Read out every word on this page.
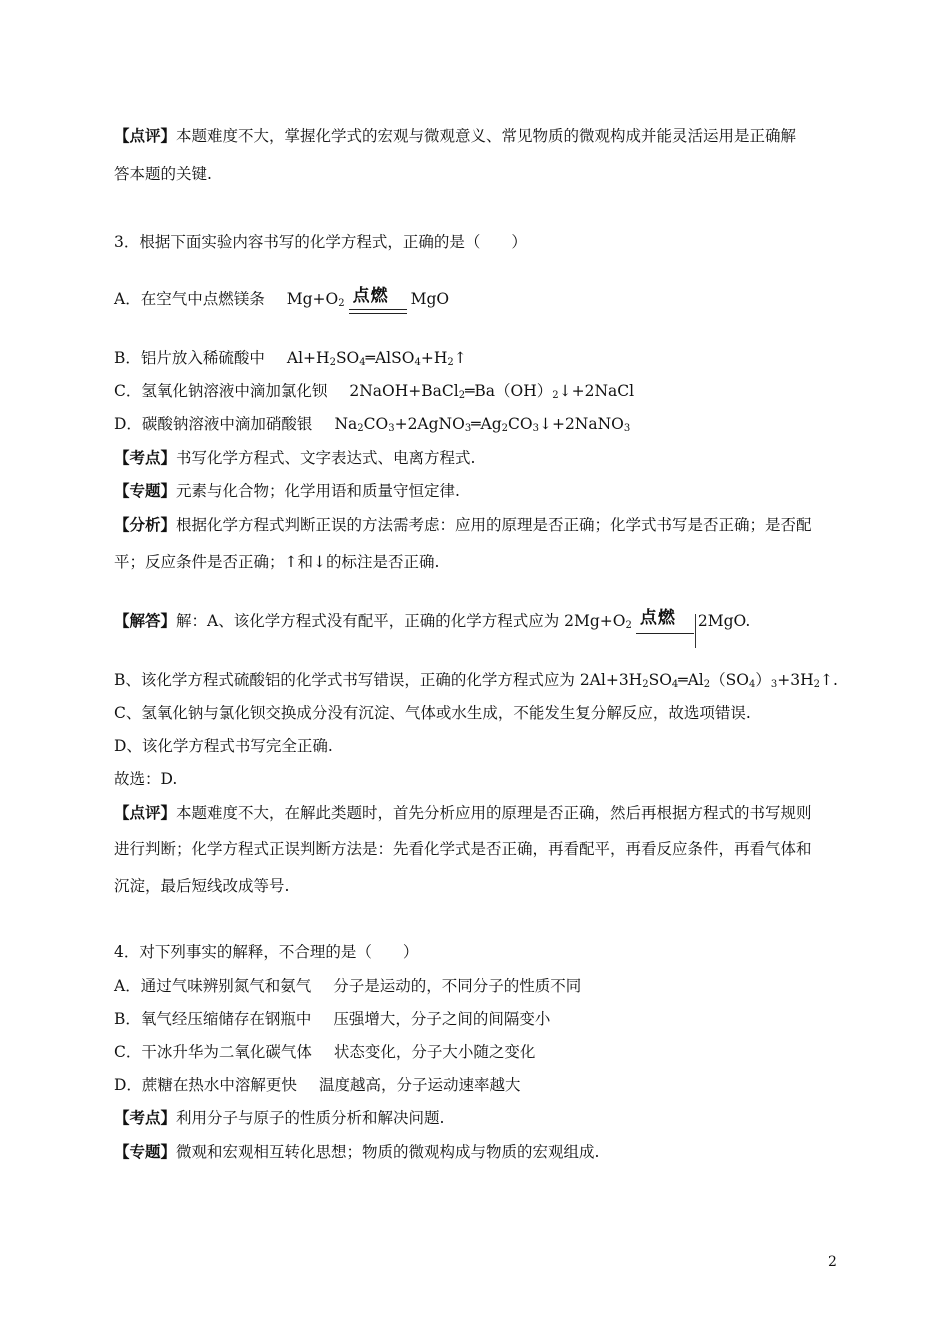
【点评】本题难度不大，掌握化学式的宏观与微观意义、常见物质的微观构成并能灵活运用是正确解
答本题的关键.
3．根据下面实验内容书写的化学方程式，正确的是（　　）
A．在空气中点燃镁条 $Mg+O_2$ 点燃 MgO
B．铝片放入稀硫酸中 $Al+H_2SO_4═AlSO_4+H_2↑$
C．氢氧化钠溶液中滴加氯化钡 $2NaOH+BaCl_2═Ba(OH)_2↓+2NaCl$
D．碳酸钠溶液中滴加硝酸银 $Na_2CO_3+2AgNO_3═Ag_2CO_3↓+2NaNO_3$
【考点】书写化学方程式、文字表达式、电离方程式.
【专题】元素与化合物；化学用语和质量守恒定律.
【分析】根据化学方程式判断正误的方法需考虑：应用的原理是否正确；化学式书写是否正确；是否配
平；反应条件是否正确；↑和↓的标注是否正确.
【解答】解：A、该化学方程式没有配平，正确的化学方程式应为 $2Mg+O_2$ 点燃 2MgO.
B、该化学方程式硫酸铝的化学式书写错误，正确的化学方程式应为 $2Al+3H_2SO_4═Al_2(SO_4)_3+3H_2↑$.
C、氢氧化钠与氯化钡交换成分没有沉淀、气体或水生成，不能发生复分解反应，故选项错误.
D、该化学方程式书写完全正确.
故选：D.
【点评】本题难度不大，在解此类题时，首先分析应用的原理是否正确，然后再根据方程式的书写规则
进行判断；化学方程式正误判断方法是：先看化学式是否正确，再看配平，再看反应条件，再看气体和
沉淀，最后短线改成等号.
4．对下列事实的解释，不合理的是（　　）
A．通过气味辨别氮气和氨气 分子是运动的，不同分子的性质不同
B．氧气经压缩储存在钢瓶中 压强增大，分子之间的间隔变小
C．干冰升华为二氧化碳气体 状态变化，分子大小随之变化
D．蔗糖在热水中溶解更快 温度越高，分子运动速率越大
【考点】利用分子与原子的性质分析和解决问题.
【专题】微观和宏观相互转化思想；物质的微观构成与物质的宏观组成.
2
